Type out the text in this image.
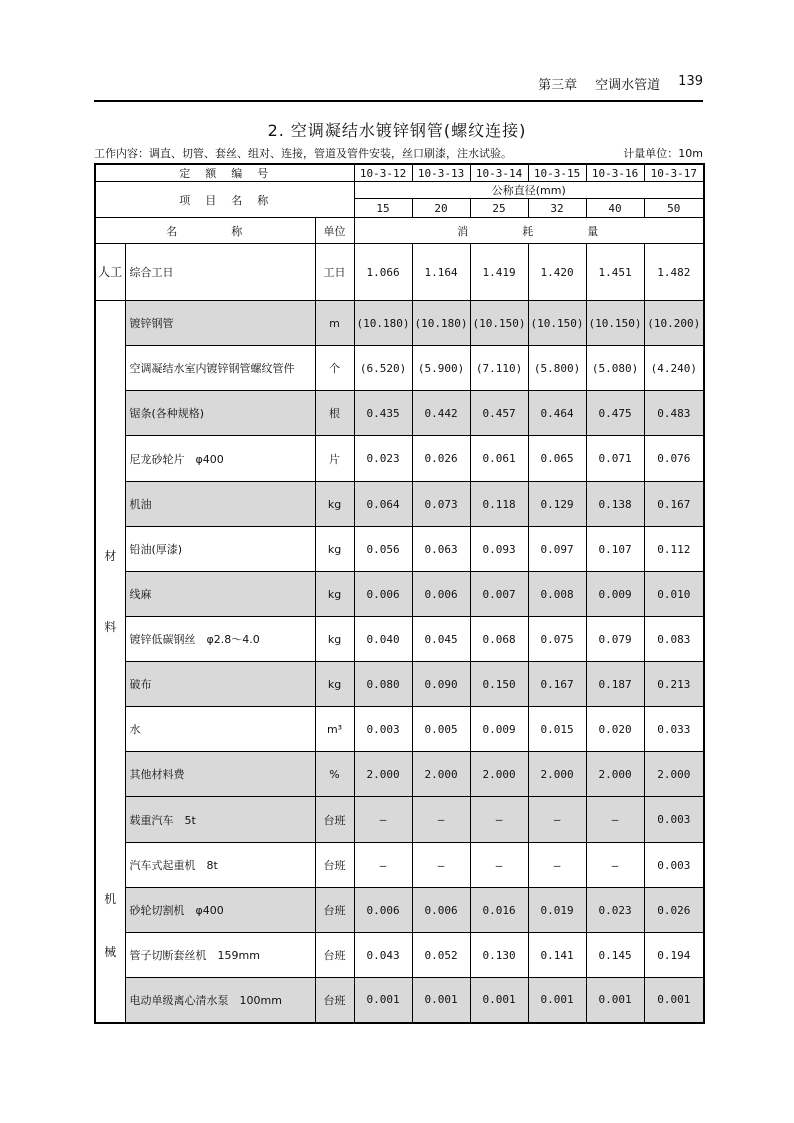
第三章 空调水管道 139
2. 空调凝结水镀锌钢管(螺纹连接)
工作内容：调直、切管、套丝、组对、连接，管道及管件安装，丝口刷漆，注水试验。	计量单位：10m
定　额　编　号			10-3-12	10-3-13	10-3-14	10-3-15	10-3-16	10-3-17
项　目　名　称			公称直径(mm)					
			15	20	25	32	40	50
名　　　　称		单位	消　　　　耗　　　　量					
人工	综合工日	工日	1.066	1.164	1.419	1.420	1.451	1.482
材	镀锌钢管	m	(10.180)	(10.180)	(10.150)	(10.150)	(10.150)	(10.200)
	空调凝结水室内镀锌钢管螺纹管件	个	(6.520)	(5.900)	(7.110)	(5.800)	(5.080)	(4.240)
	锯条(各种规格)	根	0.435	0.442	0.457	0.464	0.475	0.483
	尼龙砂轮片　φ400	片	0.023	0.026	0.061	0.065	0.071	0.076
	机油	kg	0.064	0.073	0.118	0.129	0.138	0.167
	铅油(厚漆)	kg	0.056	0.063	0.093	0.097	0.107	0.112
料	线麻	kg	0.006	0.006	0.007	0.008	0.009	0.010
	镀锌低碳钢丝　φ2.8～4.0	kg	0.040	0.045	0.068	0.075	0.079	0.083
	破布	kg	0.080	0.090	0.150	0.167	0.187	0.213
	水	m³	0.003	0.005	0.009	0.015	0.020	0.033
	其他材料费	%	2.000	2.000	2.000	2.000	2.000	2.000
机	载重汽车　5t	台班	—	—	—	—	—	0.003
	汽车式起重机　8t	台班	—	—	—	—	—	0.003
	砂轮切割机　φ400	台班	0.006	0.006	0.016	0.019	0.023	0.026
械	管子切断套丝机　159mm	台班	0.043	0.052	0.130	0.141	0.145	0.194
	电动单级离心清水泵　100mm	台班	0.001	0.001	0.001	0.001	0.001	0.001
